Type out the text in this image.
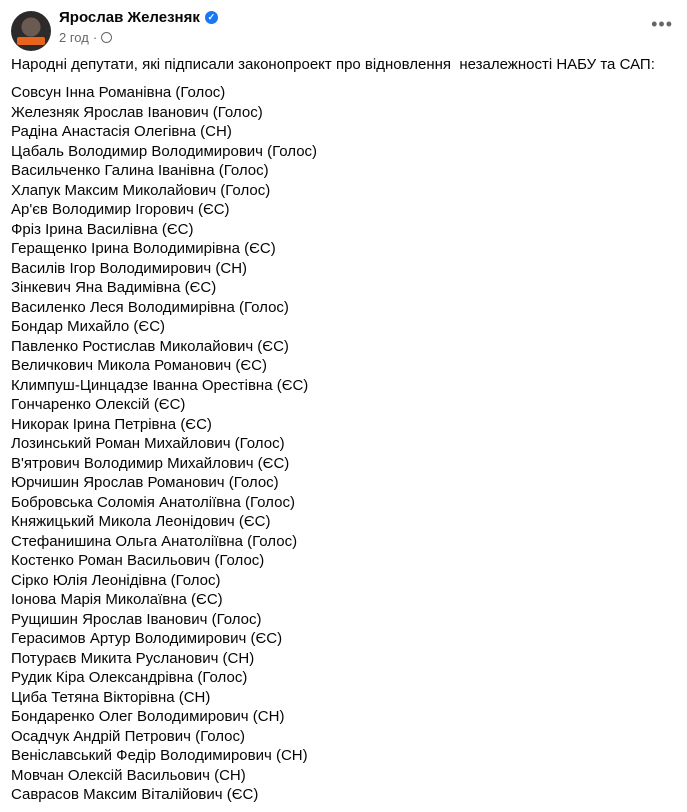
Ярослав Железняк ✓
2 год ·
•••
Народні депутати, які підписали законопроект про відновлення  незалежності НАБУ та САП:
Совсун Інна Романівна (Голос)
Железняк Ярослав Іванович (Голос)
Радіна Анастасія Олегівна (СН)
Цабаль Володимир Володимирович (Голос)
Васильченко Галина Іванівна (Голос)
Хлапук Максим Миколайович (Голос)
Ар'єв Володимир Ігорович (ЄС)
Фріз Ірина Василівна (ЄС)
Геращенко Ірина Володимирівна (ЄС)
Василів Ігор Володимирович (СН)
Зінкевич Яна Вадимівна (ЄС)
Василенко Леся Володимирівна (Голос)
Бондар Михайло (ЄС)
Павленко Ростислав Миколайович (ЄС)
Величкович Микола Романович (ЄС)
Климпуш-Цинцадзе Іванна Орестівна (ЄС)
Гончаренко Олексій (ЄС)
Никорак Ірина Петрівна (ЄС)
Лозинський Роман Михайлович (Голос)
В'ятрович Володимир Михайлович (ЄС)
Юрчишин Ярослав Романович (Голос)
Бобровська Соломія Анатоліївна (Голос)
Княжицький Микола Леонідович (ЄС)
Стефанишина Ольга Анатоліївна (Голос)
Костенко Роман Васильович (Голос)
Сірко Юлія Леонідівна (Голос)
Іонова Марія Миколаївна (ЄС)
Рущишин Ярослав Іванович (Голос)
Герасимов Артур Володимирович (ЄС)
Потураєв Микита Русланович (СН)
Рудик Кіра Олександрівна (Голос)
Циба Тетяна Вікторівна (СН)
Бондаренко Олег Володимирович (СН)
Осадчук Андрій Петрович (Голос)
Веніславський Федір Володимирович (СН)
Мовчан Олексій Васильович (СН)
Саврасов Максим Віталійович (ЄС)
